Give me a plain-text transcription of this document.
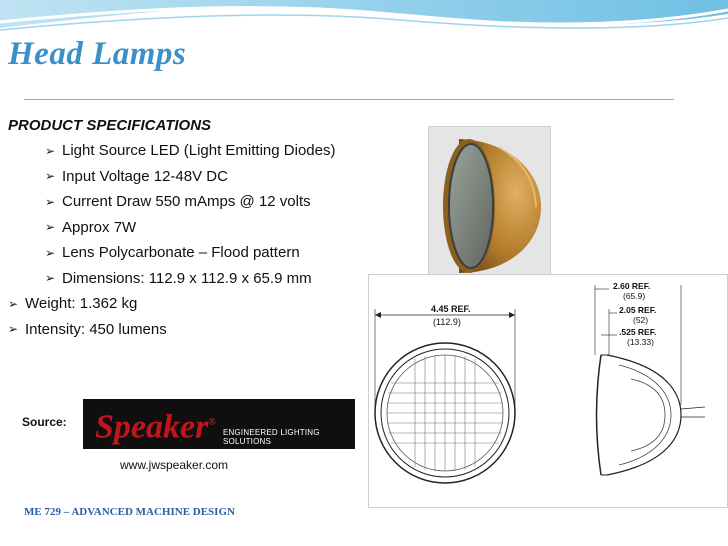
Head Lamps
PRODUCT SPECIFICATIONS
➢ Light Source LED (Light Emitting Diodes)
➢ Input Voltage 12-48V DC
➢ Current Draw 550 mAmps @ 12 volts
➢ Approx 7W
➢ Lens Polycarbonate – Flood pattern
➢ Dimensions: 112.9 x 112.9 x 65.9 mm
➢ Weight: 1.362 kg
➢ Intensity: 450 lumens
4.45 REF.
(112.9)
2.60 REF.
(65.9)
2.05 REF.
(52)
.525 REF.
(13.33)
Source: Speaker®
ENGINEERED LIGHTING SOLUTIONS
www.jwspeaker.com
ME 729 – ADVANCED MACHINE DESIGN
